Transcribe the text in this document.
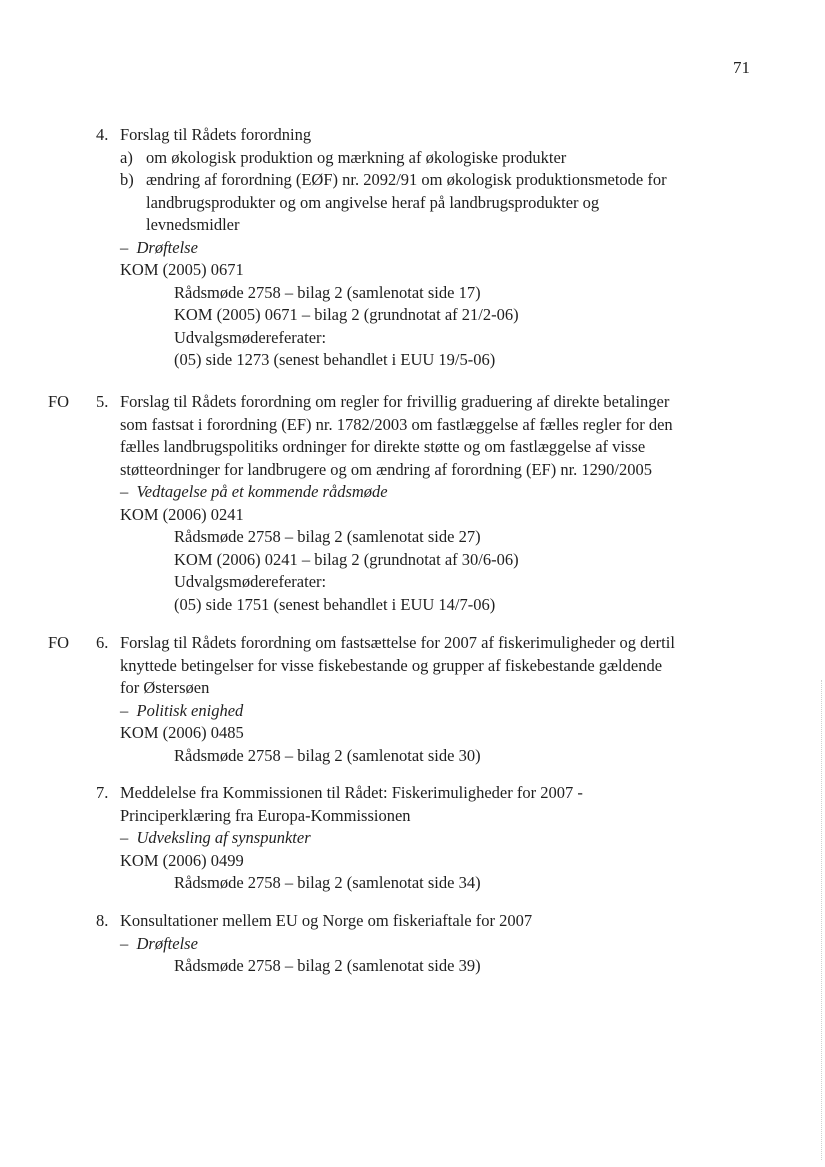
71
4. Forslag til Rådets forordning
a) om økologisk produktion og mærkning af økologiske produkter
b) ændring af forordning (EØF) nr. 2092/91 om økologisk produktionsmetode for
landbrugsprodukter og om angivelse heraf på landbrugsprodukter og
levnedsmidler
–  Drøftelse
KOM (2005) 0671
Rådsmøde 2758 – bilag 2 (samlenotat side 17)
KOM (2005) 0671 – bilag 2 (grundnotat af 21/2-06)
Udvalgsmødereferater:
(05) side 1273 (senest behandlet i EUU 19/5-06)
FO 5. Forslag til Rådets forordning om regler for frivillig graduering af direkte betalinger
som fastsat i forordning (EF) nr. 1782/2003 om fastlæggelse af fælles regler for den
fælles landbrugspolitiks ordninger for direkte støtte og om fastlæggelse af visse
støtteordninger for landbrugere og om ændring af forordning (EF) nr. 1290/2005
–  Vedtagelse på et kommende rådsmøde
KOM (2006) 0241
Rådsmøde 2758 – bilag 2 (samlenotat side 27)
KOM (2006) 0241 – bilag 2 (grundnotat af 30/6-06)
Udvalgsmødereferater:
(05) side 1751 (senest behandlet i EUU 14/7-06)
FO 6. Forslag til Rådets forordning om fastsættelse for 2007 af fiskerimuligheder og dertil
knyttede betingelser for visse fiskebestande og grupper af fiskebestande gældende
for Østersøen
–  Politisk enighed
KOM (2006) 0485
Rådsmøde 2758 – bilag 2 (samlenotat side 30)
7. Meddelelse fra Kommissionen til Rådet: Fiskerimuligheder for 2007 -
Principerklæring fra Europa-Kommissionen
–  Udveksling af synspunkter
KOM (2006) 0499
Rådsmøde 2758 – bilag 2 (samlenotat side 34)
8. Konsultationer mellem EU og Norge om fiskeriaftale for 2007
–  Drøftelse
Rådsmøde 2758 – bilag 2 (samlenotat side 39)
